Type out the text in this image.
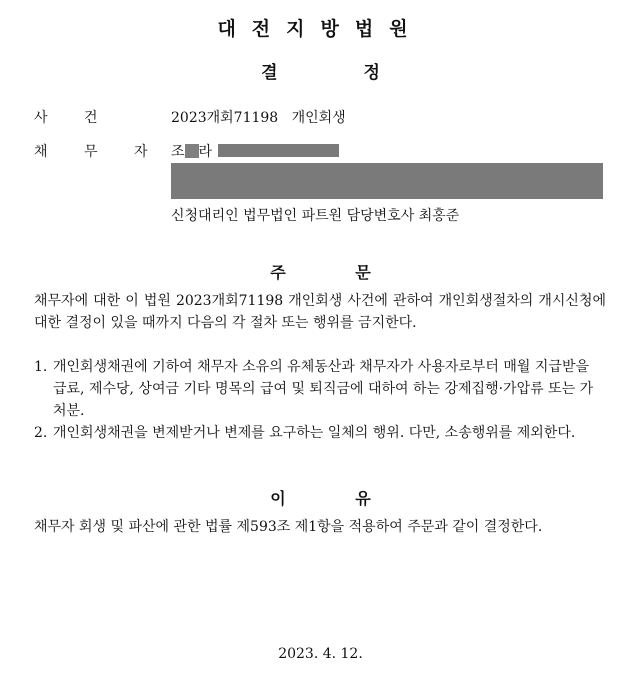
대전지방법원
결 정
사 건	2023개회71198 개인회생
채 무 자 조 라
신청대리인 법무법인 파트원 담당변호사 최홍준
주 문
채무자에 대한 이 법원 2023개회71198 개인회생 사건에 관하여 개인회생절차의 개시신청에 대한 결정이 있을 때까지 다음의 각 절차 또는 행위를 금지한다.
1. 개인회생채권에 기하여 채무자 소유의 유체동산과 채무자가 사용자로부터 매월 지급받을 급료, 제수당, 상여금 기타 명목의 급여 및 퇴직금에 대하여 하는 강제집행·가압류 또는 가처분.
2. 개인회생채권을 변제받거나 변제를 요구하는 일체의 행위. 다만, 소송행위를 제외한다.
이 유
채무자 회생 및 파산에 관한 법률 제593조 제1항을 적용하여 주문과 같이 결정한다.
2023. 4. 12.
